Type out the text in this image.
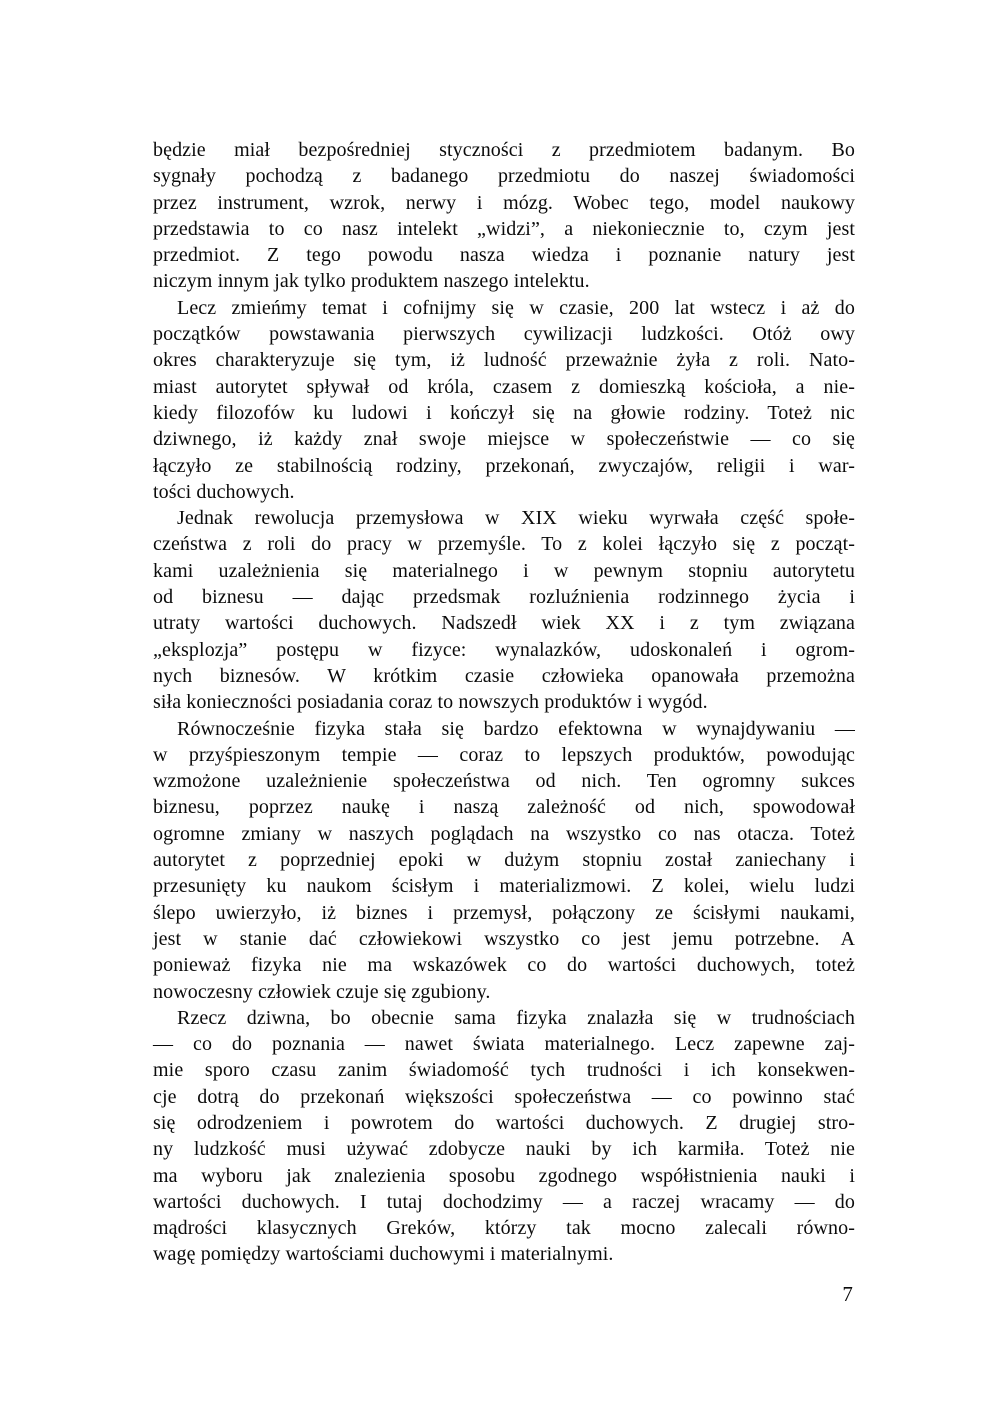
będzie miał bezpośredniej styczności z przedmiotem badanym. Bo
sygnały pochodzą z badanego przedmiotu do naszej świadomości
przez instrument, wzrok, nerwy i mózg. Wobec tego, model naukowy
przedstawia to co nasz intelekt „widzi”, a niekoniecznie to, czym jest
przedmiot. Z tego powodu nasza wiedza i poznanie natury jest
niczym innym jak tylko produktem naszego intelektu.
Lecz zmieńmy temat i cofnijmy się w czasie, 200 lat wstecz i aż do
początków powstawania pierwszych cywilizacji ludzkości. Otóż owy
okres charakteryzuje się tym, iż ludność przeważnie żyła z roli. Nato-
miast autorytet spływał od króla, czasem z domieszką kościoła, a nie-
kiedy filozofów ku ludowi i kończył się na głowie rodziny. Toteż nic
dziwnego, iż każdy znał swoje miejsce w społeczeństwie — co się
łączyło ze stabilnością rodziny, przekonań, zwyczajów, religii i war-
tości duchowych.
Jednak rewolucja przemysłowa w XIX wieku wyrwała część społe-
czeństwa z roli do pracy w przemyśle. To z kolei łączyło się z począt-
kami uzależnienia się materialnego i w pewnym stopniu autorytetu
od biznesu — dając przedsmak rozluźnienia rodzinnego życia i
utraty wartości duchowych. Nadszedł wiek XX i z tym związana
„eksplozja” postępu w fizyce: wynalazków, udoskonaleń i ogrom-
nych biznesów. W krótkim czasie człowieka opanowała przemożna
siła konieczności posiadania coraz to nowszych produktów i wygód.
Równocześnie fizyka stała się bardzo efektowna w wynajdywaniu —
w przyśpieszonym tempie — coraz to lepszych produktów, powodując
wzmożone uzależnienie społeczeństwa od nich. Ten ogromny sukces
biznesu, poprzez naukę i naszą zależność od nich, spowodował
ogromne zmiany w naszych poglądach na wszystko co nas otacza. Toteż
autorytet z poprzedniej epoki w dużym stopniu został zaniechany i
przesunięty ku naukom ścisłym i materializmowi. Z kolei, wielu ludzi
ślepo uwierzyło, iż biznes i przemysł, połączony ze ścisłymi naukami,
jest w stanie dać człowiekowi wszystko co jest jemu potrzebne. A
ponieważ fizyka nie ma wskazówek co do wartości duchowych, toteż
nowoczesny człowiek czuje się zgubiony.
Rzecz dziwna, bo obecnie sama fizyka znalazła się w trudnościach
— co do poznania — nawet świata materialnego. Lecz zapewne zaj-
mie sporo czasu zanim świadomość tych trudności i ich konsekwen-
cje dotrą do przekonań większości społeczeństwa — co powinno stać
się odrodzeniem i powrotem do wartości duchowych. Z drugiej stro-
ny ludzkość musi używać zdobycze nauki by ich karmiła. Toteż nie
ma wyboru jak znalezienia sposobu zgodnego współistnienia nauki i
wartości duchowych. I tutaj dochodzimy — a raczej wracamy — do
mądrości klasycznych Greków, którzy tak mocno zalecali równo-
wagę pomiędzy wartościami duchowymi i materialnymi.
7
